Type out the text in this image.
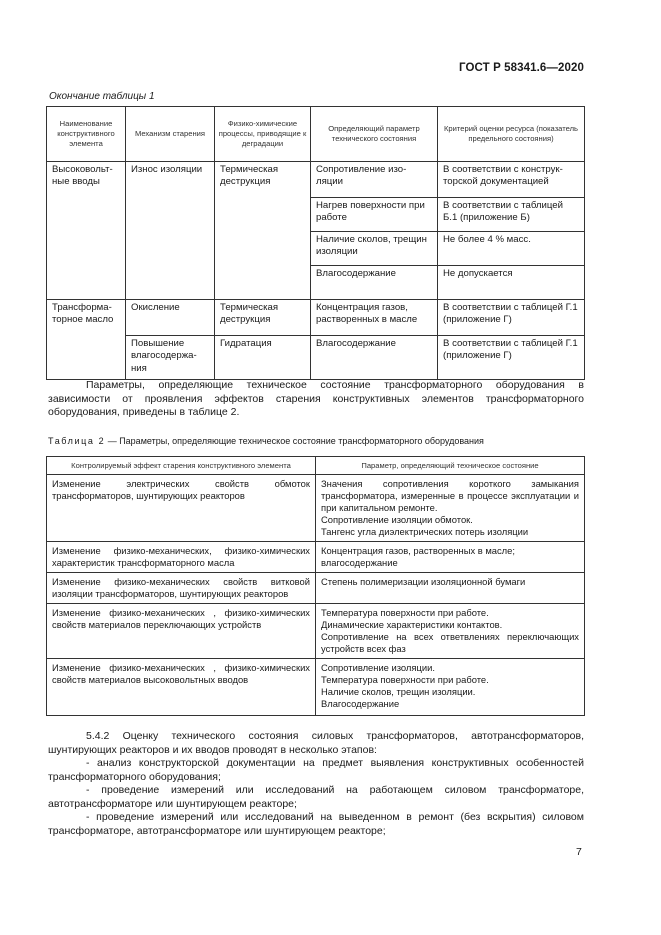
ГОСТ Р 58341.6—2020
Окончание таблицы 1
Наименование конструктивного элемента	Механизм старения	Физико-химические процессы, приводящие к деградации	Определяющий параметр технического состояния	Критерий оценки ресурса (показатель предельного состояния)
Высоковольт-ные вводы	Износ изоляции	Термическая деструкция	Сопротивление изо-ляции	В соответствии с конструк-торской документацией
			Нагрев поверхности при работе	В соответствии с таблицей Б.1 (приложение Б)
			Наличие сколов, трещин изоляции	Не более 4 % масс.
			Влагосодержание	Не допускается
Трансформа-торное масло	Окисление	Термическая деструкция	Концентрация газов, растворенных в масле	В соответствии с таблицей Г.1 (приложение Г)
	Повышение влагосодержа-ния	Гидратация	Влагосодержание	В соответствии с таблицей Г.1 (приложение Г)
Параметры, определяющие техническое состояние трансформаторного оборудования в зависимости от проявления эффектов старения конструктивных элементов трансформаторного оборудования, приведены в таблице 2.
Таблица 2 — Параметры, определяющие техническое состояние трансформаторного оборудования
Контролируемый эффект старения конструктивного элемента	Параметр, определяющий техническое состояние
Изменение электрических свойств обмоток трансформаторов, шунтирующих реакторов	Значения сопротивления короткого замыкания трансформатора, измеренные в процессе эксплуатации и при капитальном ремонте.
Сопротивление изоляции обмоток.
Тангенс угла диэлектрических потерь изоляции

Изменение физико-механических, физико-химических характеристик трансформаторного масла	Концентрация газов, растворенных в масле;
влагосодержание

Изменение физико-механических свойств витковой изоляции трансформаторов, шунтирующих реакторов	Степень полимеризации изоляционной бумаги

Изменение физико-механических , физико-химических свойств материалов переключающих устройств	Температура поверхности при работе.
Динамические характеристики контактов.
Сопротивление на всех ответвлениях переключающих устройств всех фаз

Изменение физико-механических , физико-химических свойств материалов высоковольтных вводов	Сопротивление изоляции.
Температура поверхности при работе.
Наличие сколов, трещин изоляции.
Влагосодержание
5.4.2 Оценку технического состояния силовых трансформаторов, автотрансформаторов, шунтирующих реакторов и их вводов проводят в несколько этапов:
- анализ конструкторской документации на предмет выявления конструктивных особенностей трансформаторного оборудования;
- проведение измерений или исследований на работающем силовом трансформаторе, автотрансформаторе или шунтирующем реакторе;
- проведение измерений или исследований на выведенном в ремонт (без вскрытия) силовом трансформаторе, автотрансформаторе или шунтирующем реакторе;
7
